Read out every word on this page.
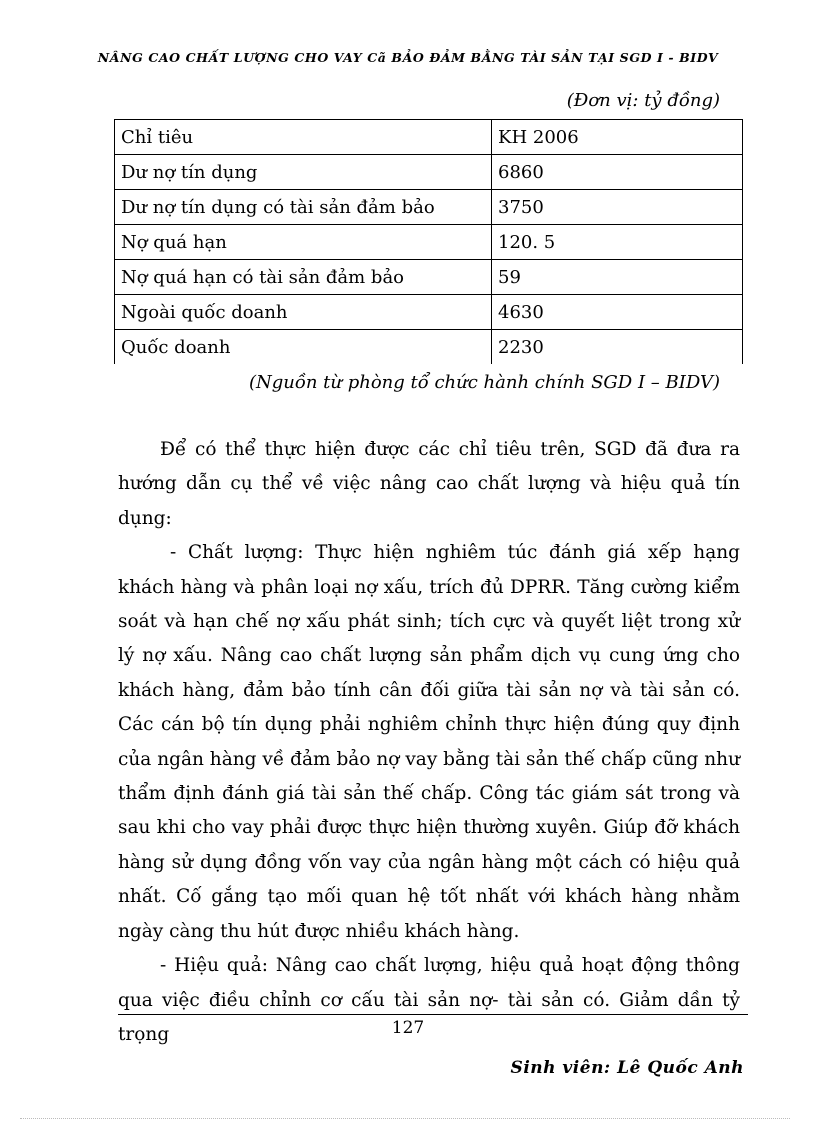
NÂNG CAO CHẤT LƯỢNG CHO VAY Cã BẢO ĐẢM BẰNG TÀI SẢN TẠI SGD I - BIDV
(Đơn vị: tỷ đồng)
Chỉ tiêu	KH 2006
Dư nợ tín dụng	6860
Dư nợ tín dụng có tài sản đảm bảo	3750
Nợ quá hạn	120. 5
Nợ quá hạn có tài sản đảm bảo	59
Ngoài quốc doanh	4630
Quốc doanh	2230
(Nguồn từ phòng tổ chức hành chính SGD I – BIDV)

Để có thể thực hiện được các chỉ tiêu trên, SGD đã đưa ra hướng dẫn cụ thể về việc nâng cao chất lượng và hiệu quả tín dụng:

- Chất lượng: Thực hiện nghiêm túc đánh giá xếp hạng khách hàng và phân loại nợ xấu, trích đủ DPRR. Tăng cường kiểm soát và hạn chế nợ xấu phát sinh; tích cực và quyết liệt trong xử lý nợ xấu. Nâng cao chất lượng sản phẩm dịch vụ cung ứng cho khách hàng, đảm bảo tính cân đối giữa tài sản nợ và tài sản có. Các cán bộ tín dụng phải nghiêm chỉnh thực hiện đúng quy định của ngân hàng về đảm bảo nợ vay bằng tài sản thế chấp cũng như thẩm định đánh giá tài sản thế chấp. Công tác giám sát trong và sau khi cho vay phải được thực hiện thường xuyên. Giúp đỡ khách hàng sử dụng đồng vốn vay của ngân hàng một cách có hiệu quả nhất. Cố gắng tạo mối quan hệ tốt nhất với khách hàng nhằm ngày càng thu hút được nhiều khách hàng.

- Hiệu quả: Nâng cao chất lượng, hiệu quả hoạt động thông qua việc điều chỉnh cơ cấu tài sản nợ- tài sản có. Giảm dần tỷ trọng	127
Sinh viên: Lê Quốc Anh
